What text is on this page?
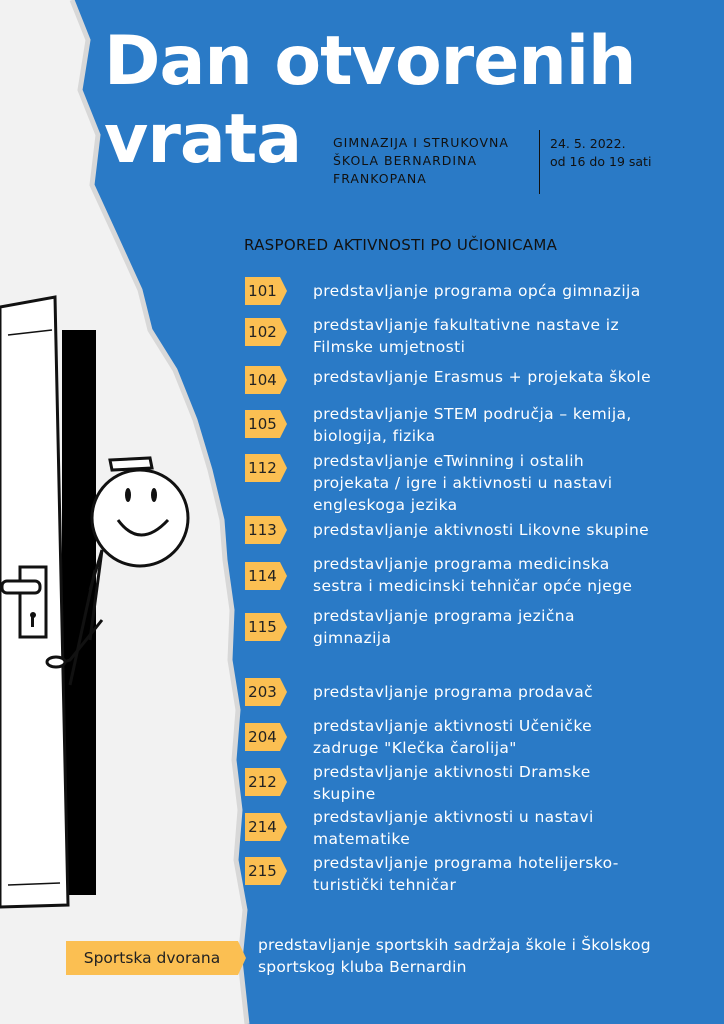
Dan otvorenih
vrata	GIMNAZIJA I STRUKOVNA
ŠKOLA BERNARDINA
FRANKOPANA
24. 5. 2022.
od 16 do 19 sati
RASPORED AKTIVNOSTI PO UČIONICAMA
101 predstavljanje programa opća gimnazija
102 predstavljanje fakultativne nastave iz
Filmske umjetnosti
104 predstavljanje Erasmus + projekata škole
105
predstavljanje STEM područja – kemija,
biologija, fizika
112 predstavljanje eTwinning i ostalih
projekata / igre i aktivnosti u nastavi
engleskoga jezika
113 predstavljanje aktivnosti Likovne skupine
114
predstavljanje programa medicinska
sestra i medicinski tehničar opće njege
115
predstavljanje programa jezična
gimnazija
203 predstavljanje programa prodavač
204
predstavljanje aktivnosti Učeničke
zadruge "Klečka čarolija"
212
predstavljanje aktivnosti Dramske
skupine
214
predstavljanje aktivnosti u nastavi
matematike
215 predstavljanje programa hotelijersko-
turistički tehničar
Sportska dvorana
predstavljanje sportskih sadržaja škole i Školskog
sportskog kluba Bernardin
